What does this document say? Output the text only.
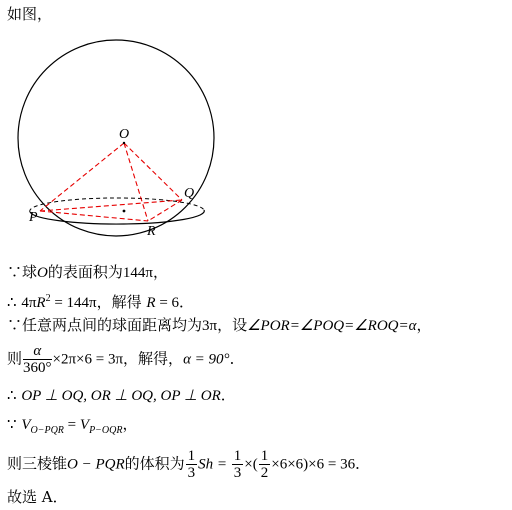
如图，
O
P
Q
R
∵球O的表面积为144π，
∴ $4\pi R^2 = 144\pi$，解得 R = 6．
∵任意两点间的球面距离均为3π，设∠POR=∠POQ=∠ROQ=α，
则 $\frac{\alpha}{360^\circ} \times 2\pi\times 6 = 3\pi$，解得，α = 90°．
∴ OP ⊥ OQ, OR ⊥ OQ, OP ⊥ OR．
∵ $V_{O-PQR} = V_{P-OQR}$，
则三棱锥O − PQR的体积为 $\frac{1}{3}$ $Sh = \frac{1}{3}$ ×( $\frac{1}{2} \times 6\times 6)\times 6 = 36$．
故选 A．
